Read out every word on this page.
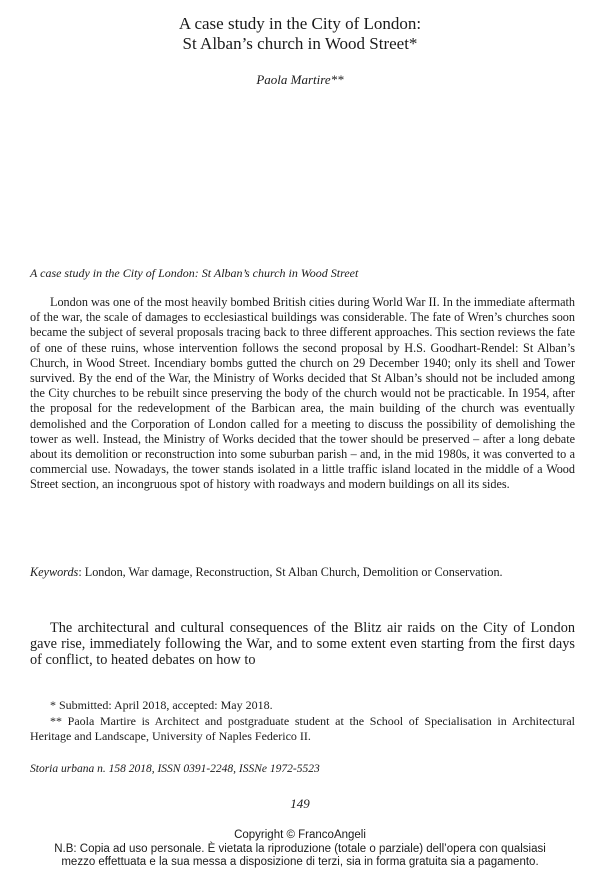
A case study in the City of London:
St Alban’s church in Wood Street*
Paola Martire**
A case study in the City of London: St Alban’s church in Wood Street

London was one of the most heavily bombed British cities during World War II. In the immediate aftermath of the war, the scale of damages to ecclesiastical buildings was considerable. The fate of Wren’s churches soon became the subject of several proposals tracing back to three different approaches. This section reviews the fate of one of these ruins, whose intervention follows the second proposal by H.S. Goodhart-Rendel: St Alban’s Church, in Wood Street. Incendiary bombs gutted the church on 29 December 1940; only its shell and Tower survived. By the end of the War, the Ministry of Works decided that St Alban’s should not be included among the City churches to be rebuilt since preserving the body of the church would not be practicable. In 1954, after the proposal for the redevelopment of the Barbican area, the main building of the church was eventually demolished and the Corporation of London called for a meeting to discuss the possibility of demolishing the tower as well. Instead, the Ministry of Works decided that the tower should be preserved – after a long debate about its demolition or reconstruction into some suburban parish – and, in the mid 1980s, it was converted to a commercial use. Nowadays, the tower stands isolated in a little traffic island located in the middle of a Wood Street section, an incongruous spot of history with roadways and modern buildings on all its sides.

Keywords: London, War damage, Reconstruction, St Alban Church, Demolition or Conservation.

The architectural and cultural consequences of the Blitz air raids on the City of London gave rise, immediately following the War, and to some extent even starting from the first days of conflict, to heated debates on how to

* Submitted: April 2018, accepted: May 2018.

** Paola Martire is Architect and postgraduate student at the School of Specialisation in Architectural Heritage and Landscape, University of Naples Federico II.

Storia urbana n. 158 2018, ISSN 0391-2248, ISSNe 1972-5523
149
Copyright © FrancoAngeli
N.B: Copia ad uso personale. È vietata la riproduzione (totale o parziale) dell’opera con qualsiasi
mezzo effettuata e la sua messa a disposizione di terzi, sia in forma gratuita sia a pagamento.
